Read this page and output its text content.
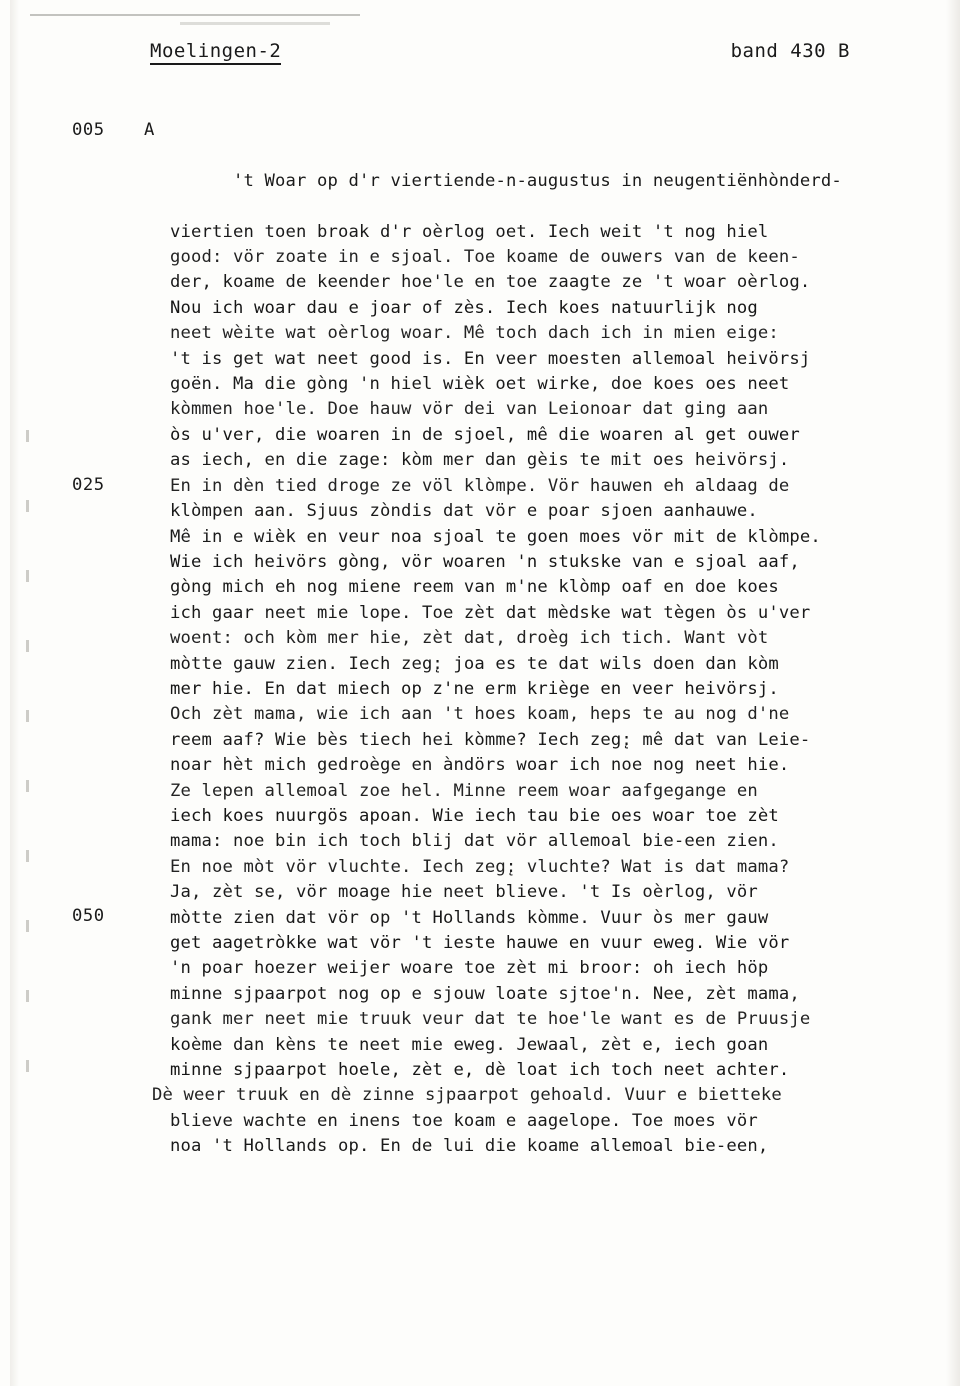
Moelingen-2	band 430 B
005
025
050

A

't Woar op d'r viertiende-n-augustus in neugentiënhònderd-

viertien toen broak d'r oèrlog oet. Iech weit 't nog hiel
good: vör zoate in e sjoal. Toe koame de ouwers van de keen-
der, koame de keender hoe'le en toe zaagte ze 't woar oèrlog.
Nou ich woar dau e joar of zès. Iech koes natuurlijk nog
neet wèite wat oèrlog woar. Mê toch dach ich in mien eige:
't is get wat neet good is. En veer moesten allemoal heivörsj
goën. Ma die gòng 'n hiel wièk oet wirke, doe koes oes neet
kòmmen hoe'le. Doe hauw vör dei van Leionoar dat ging aan
òs u'ver, die woaren in de sjoel, mê die woaren al get ouwer
as iech, en die zage: kòm mer dan gèis te mit oes heivörsj.
En in dèn tied droge ze völ klòmpe. Vör hauwen eh aldaag de
klòmpen aan. Sjuus zòndis dat vör e poar sjoen aanhauwe.
Mê in e wièk en veur noa sjoal te goen moes vör mit de klòmpe.
Wie ich heivörs gòng, vör woaren 'n stukske van e sjoal aaf,
gòng mich eh nog miene reem van m'ne klòmp oaf en doe koes
ich gaar neet mie lope. Toe zèt dat mèdske wat tègen òs u'ver
woent: och kòm mer hie, zèt dat, droèg ich tich. Want vòt
mòtte gauw zien. Iech zeg̨: joa es te dat wils doen dan kòm
mer hie. En dat miech op z'ne erm kriège en veer heivörsj.
Och zèt mama, wie ich aan 't hoes koam, heps te au nog d'ne
reem aaf? Wie bès tiech hei kòmme? Iech zeg̨: mê dat van Leie-
noar hèt mich gedroège en àndörs woar ich noe nog neet hie.
Ze lepen allemoal zoe hel. Minne reem woar aafgegange en
iech koes nuurgös apoan. Wie iech tau bie oes woar toe zèt
mama: noe bin ich toch blij dat vör allemoal bie-een zien.
En noe mòt vör vluchte. Iech zeg̨: vluchte? Wat is dat mama?
Ja, zèt se, vör moage hie neet blieve. 't Is oèrlog, vör
mòtte zien dat vör op 't Hollands kòmme. Vuur òs mer gauw
get aagetròkke wat vör 't ieste hauwe en vuur eweg. Wie vör
'n poar hoezer weijer woare toe zèt mi broor: oh iech höp
minne sjpaarpot nog op e sjouw loate sjtoe'n. Nee, zèt mama,
gank mer neet mie truuk veur dat te hoe'le want es de Pruusje
koème dan kèns te neet mie eweg. Jewaal, zèt e, iech goan
minne sjpaarpot hoele, zèt e, dè loat ich toch neet achter.
Dè weer truuk en dè zinne sjpaarpot gehoald. Vuur e bietteke
blieve wachte en inens toe koam e aagelope. Toe moes vör
noa 't Hollands op. En de lui die koame allemoal bie-een,
